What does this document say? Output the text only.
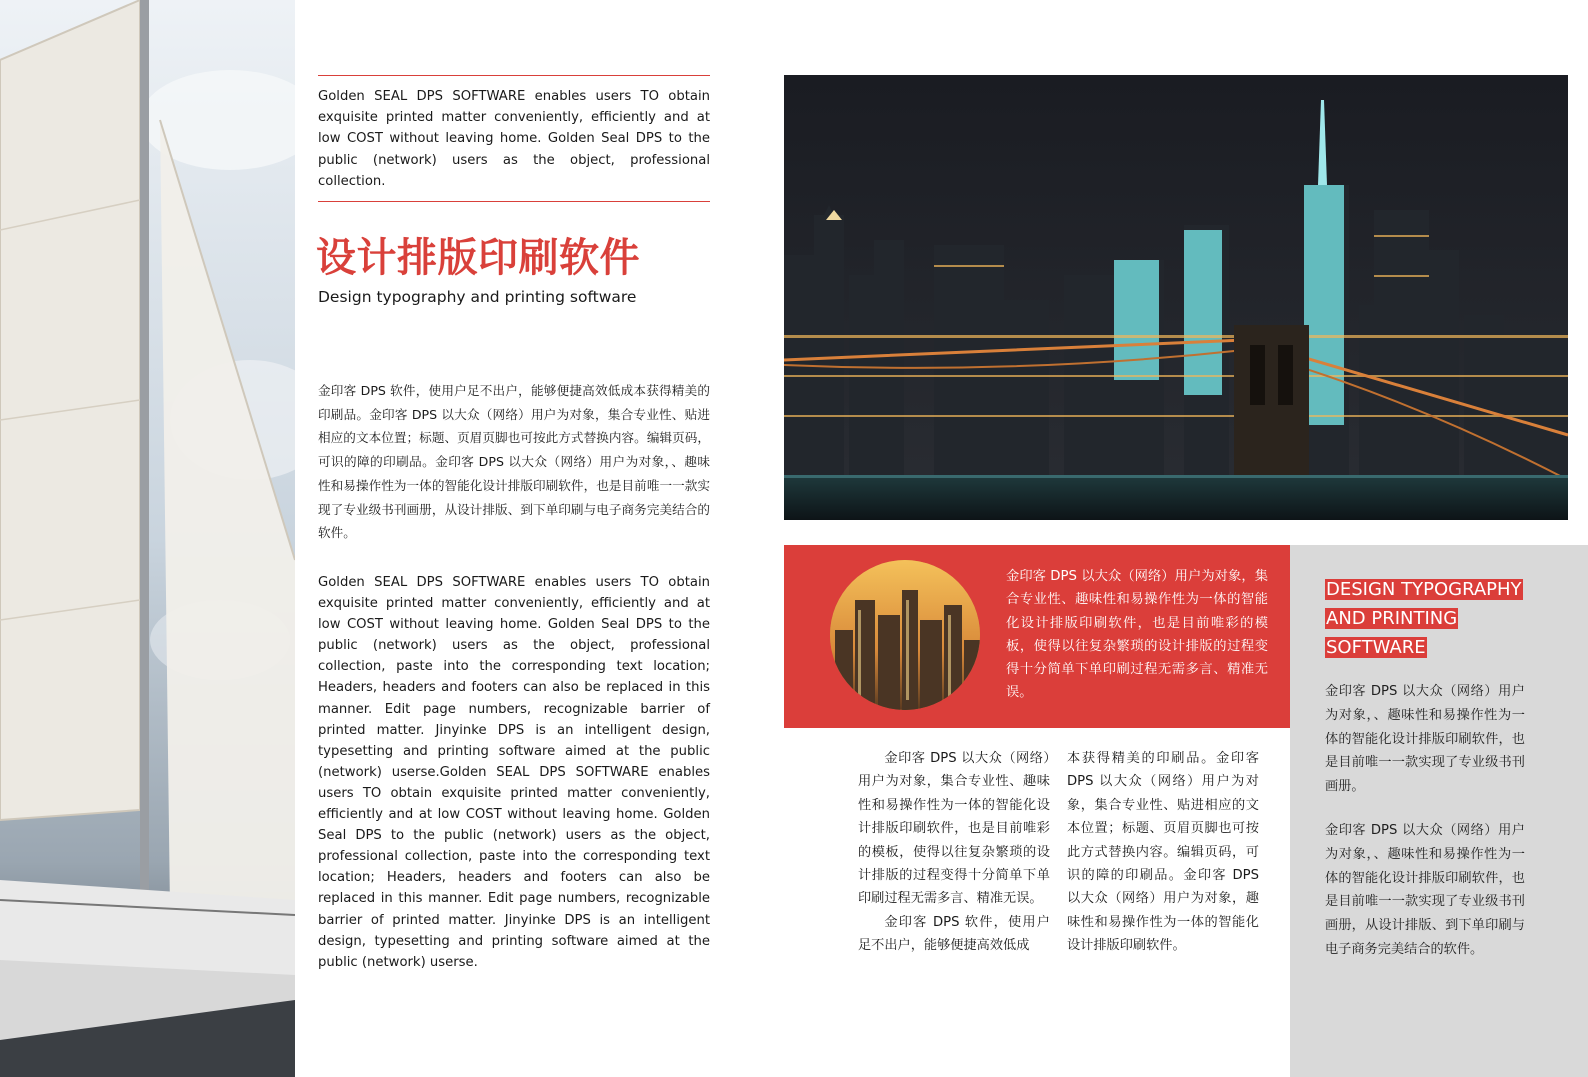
Golden SEAL DPS SOFTWARE enables users TO obtain exquisite printed matter conveniently, efficiently and at low COST without leaving home. Golden Seal DPS to the public (network) users as the object, professional collection.
设计排版印刷软件
Design typography and printing software
金印客 DPS 软件，使用户足不出户，能够便捷高效低成本获得精美的印刷品。金印客 DPS 以大众（网络）用户为对象，集合专业性、贴进相应的文本位置；标题、页眉页脚也可按此方式替换内容。编辑页码，可识的障的印刷品。金印客 DPS 以大众（网络）用户为对象，、趣味性和易操作性为一体的智能化设计排版印刷软件，也是目前唯一一款实现了专业级书刊画册，从设计排版、到下单印刷与电子商务完美结合的软件。
Golden SEAL DPS SOFTWARE enables users TO obtain exquisite printed matter conveniently, efficiently and at low COST without leaving home. Golden Seal DPS to the public (network) users as the object, professional collection, paste into the corresponding text location; Headers, headers and footers can also be replaced in this manner. Edit page numbers, recognizable barrier of printed matter. Jinyinke DPS is an intelligent design, typesetting and printing software aimed at the public (network) userse.Golden SEAL DPS SOFTWARE enables users TO obtain exquisite printed matter conveniently, efficiently and at low COST without leaving home. Golden Seal DPS to the public (network) users as the object, professional collection, paste into the corresponding text location; Headers, headers and footers can also be replaced in this manner. Edit page numbers, recognizable barrier of printed matter. Jinyinke DPS is an intelligent design, typesetting and printing software aimed at the public (network) userse.
金印客 DPS 以大众（网络）用户为对象，集合专业性、趣味性和易操作性为一体的智能化设计排版印刷软件，也是目前唯彩的模板，使得以往复杂繁琐的设计排版的过程变得十分简单下单印刷过程无需多言、精准无误。
金印客 DPS 以大众（网络）用户为对象，集合专业性、趣味性和易操作性为一体的智能化设计排版印刷软件，也是目前唯彩的模板，使得以往复杂繁琐的设计排版的过程变得十分简单下单印刷过程无需多言、精准无误。
金印客 DPS 软件，使用户足不出户，能够便捷高效低成
本获得精美的印刷品。金印客 DPS 以大众（网络）用户为对象，集合专业性、贴进相应的文本位置；标题、页眉页脚也可按此方式替换内容。编辑页码，可识的障的印刷品。金印客 DPS 以大众（网络）用户为对象，趣味性和易操作性为一体的智能化设计排版印刷软件。
DESIGN TYPOGRAPHY AND PRINTING SOFTWARE
金印客 DPS 以大众（网络）用户为对象，、趣味性和易操作性为一体的智能化设计排版印刷软件，也是目前唯一一款实现了专业级书刊画册。
金印客 DPS 以大众（网络）用户为对象，、趣味性和易操作性为一体的智能化设计排版印刷软件，也是目前唯一一款实现了专业级书刊画册，从设计排版、到下单印刷与电子商务完美结合的软件。
